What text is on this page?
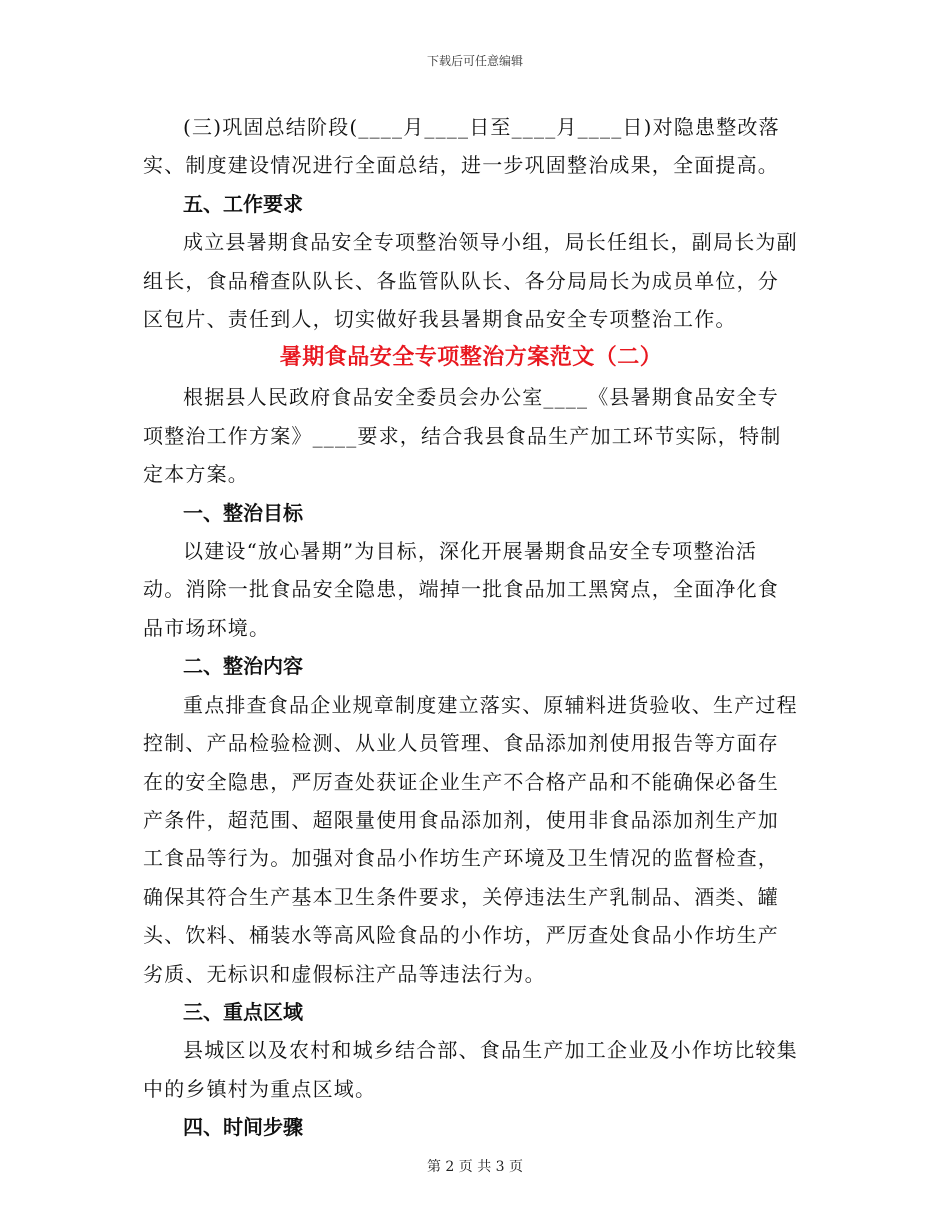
下载后可任意编辑

(三)巩固总结阶段(____月____日至____月____日)对隐患整改落实、制度建设情况进行全面总结，进一步巩固整治成果，全面提高。

五、工作要求

成立县暑期食品安全专项整治领导小组，局长任组长，副局长为副组长，食品稽查队队长、各监管队队长、各分局局长为成员单位，分区包片、责任到人，切实做好我县暑期食品安全专项整治工作。

暑期食品安全专项整治方案范文（二）

根据县人民政府食品安全委员会办公室____《县暑期食品安全专项整治工作方案》____要求，结合我县食品生产加工环节实际，特制定本方案。

一、整治目标

以建设“放心暑期”为目标，深化开展暑期食品安全专项整治活动。消除一批食品安全隐患，端掉一批食品加工黑窝点，全面净化食品市场环境。

二、整治内容

重点排查食品企业规章制度建立落实、原辅料进货验收、生产过程控制、产品检验检测、从业人员管理、食品添加剂使用报告等方面存在的安全隐患，严厉查处获证企业生产不合格产品和不能确保必备生产条件，超范围、超限量使用食品添加剂，使用非食品添加剂生产加工食品等行为。加强对食品小作坊生产环境及卫生情况的监督检查，确保其符合生产基本卫生条件要求，关停违法生产乳制品、酒类、罐头、饮料、桶装水等高风险食品的小作坊，严厉查处食品小作坊生产劣质、无标识和虚假标注产品等违法行为。

三、重点区域

县城区以及农村和城乡结合部、食品生产加工企业及小作坊比较集中的乡镇村为重点区域。

四、时间步骤

第 2 页 共 3 页
